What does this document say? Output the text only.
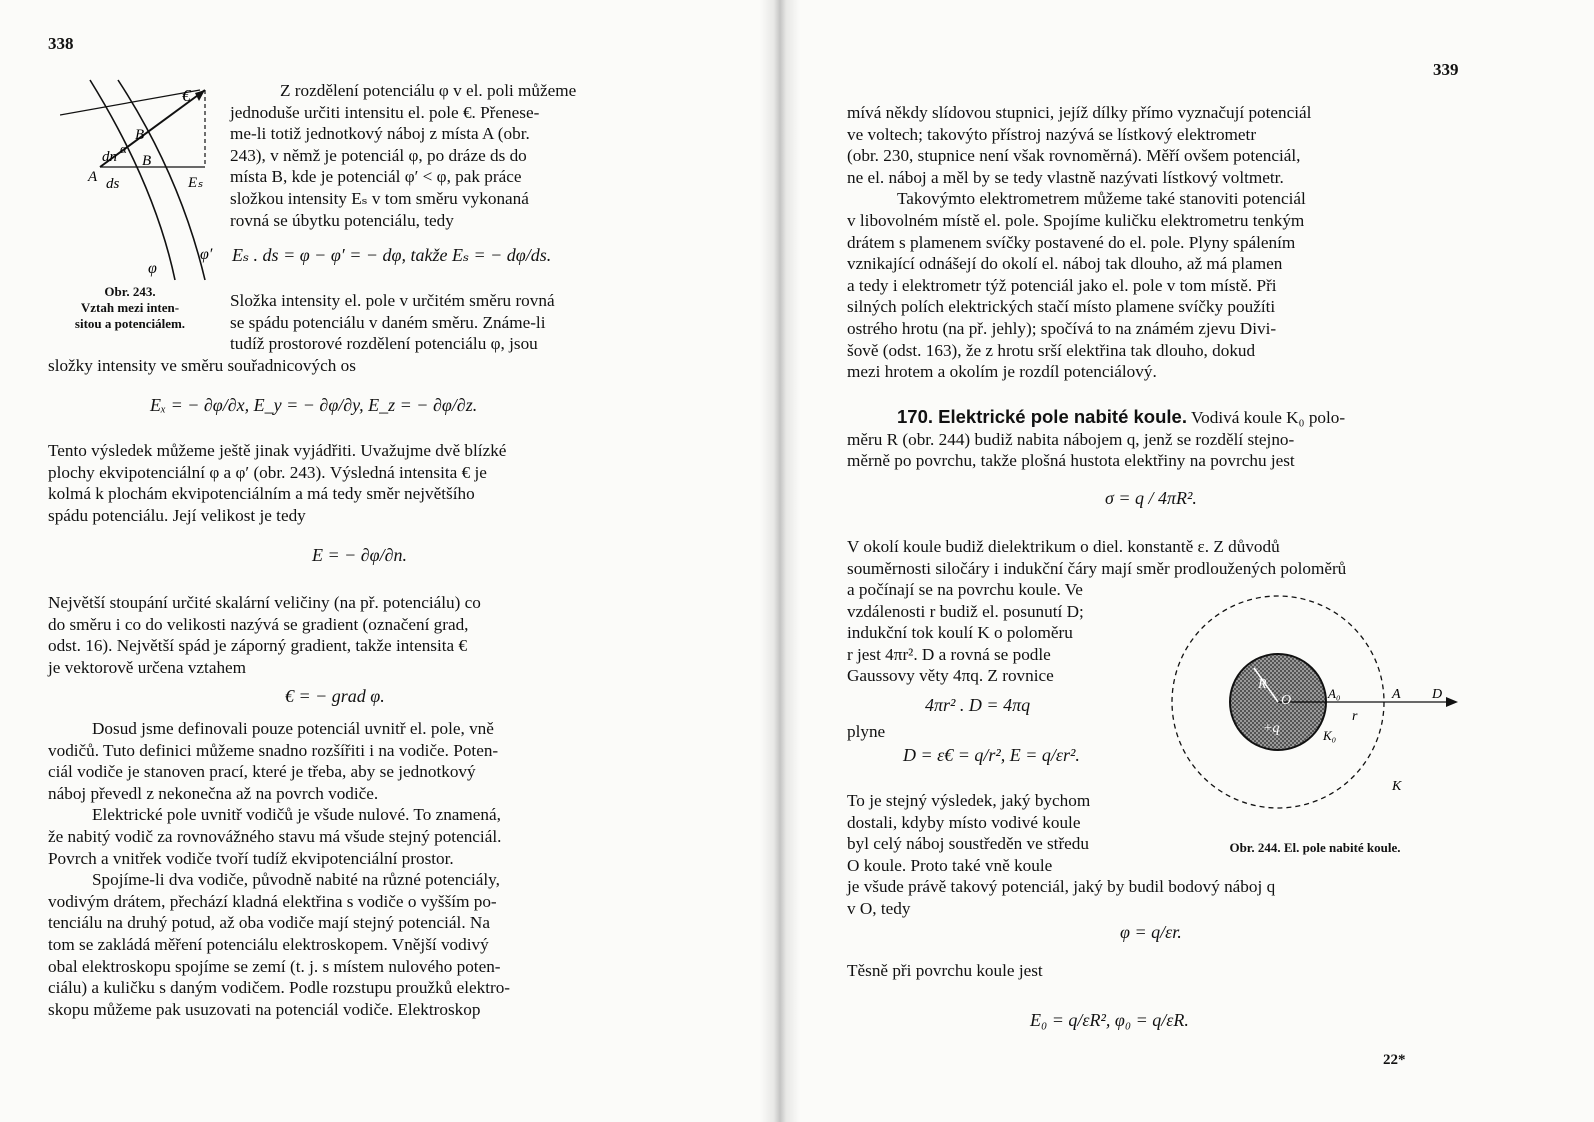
338
€
dn
α
B
B
A ds	Eₛ
φ
φ′
Obr. 243.
Vztah mezi inten-
sitou a potenciálem.
Z rozdělení potenciálu φ v el. poli můžeme
jednoduše určiti intensitu el. pole €. Přenese-
me-li totiž jednotkový náboj z místa A (obr.
243), v němž je potenciál φ, po dráze ds do
místa B, kde je potenciál φ′ < φ, pak práce
složkou intensity Eₛ v tom směru vykonaná
rovná se úbytku potenciálu, tedy
Eₛ . ds = φ − φ′ = − dφ, takže Eₛ = − dφ/ds.
Složka intensity el. pole v určitém směru rovná
se spádu potenciálu v daném směru. Známe-li
tudíž prostorové rozdělení potenciálu φ, jsou
složky intensity ve směru souřadnicových os
Eₓ = − ∂φ/∂x, E_y = − ∂φ/∂y, E_z = − ∂φ/∂z.
Tento výsledek můžeme ještě jinak vyjádřiti. Uvažujme dvě blízké
plochy ekvipotenciální φ a φ′ (obr. 243). Výsledná intensita € je
kolmá k plochám ekvipotenciálním a má tedy směr největšího
spádu potenciálu. Její velikost je tedy
E = − ∂φ/∂n.
Největší stoupání určité skalární veličiny (na př. potenciálu) co
do směru i co do velikosti nazývá se gradient (označení grad,
odst. 16). Největší spád je záporný gradient, takže intensita €
je vektorově určena vztahem
€ = − grad φ.
Dosud jsme definovali pouze potenciál uvnitř el. pole, vně
vodičů. Tuto definici můžeme snadno rozšířiti i na vodiče. Poten-
ciál vodiče je stanoven prací, které je třeba, aby se jednotkový
náboj převedl z nekonečna až na povrch vodiče.
Elektrické pole uvnitř vodičů je všude nulové. To znamená,
že nabitý vodič za rovnovážného stavu má všude stejný potenciál.
Povrch a vnitřek vodiče tvoří tudíž ekvipotenciální prostor.
Spojíme-li dva vodiče, původně nabité na různé potenciály,
vodivým drátem, přechází kladná elektřina s vodiče o vyšším po-
tenciálu na druhý potud, až oba vodiče mají stejný potenciál. Na
tom se zakládá měření potenciálu elektroskopem. Vnější vodivý
obal elektroskopu spojíme se zemí (t. j. s místem nulového poten-
ciálu) a kuličku s daným vodičem. Podle rozstupu proužků elektro-
skopu můžeme pak usuzovati na potenciál vodiče. Elektroskop
339
mívá někdy slídovou stupnici, jejíž dílky přímo vyznačují potenciál
ve voltech; takovýto přístroj nazývá se lístkový elektrometr
(obr. 230, stupnice není však rovnoměrná). Měří ovšem potenciál,
ne el. náboj a měl by se tedy vlastně nazývati lístkový voltmetr.
Takovýmto elektrometrem můžeme také stanoviti potenciál
v libovolném místě el. pole. Spojíme kuličku elektrometru tenkým
drátem s plamenem svíčky postavené do el. pole. Plyny spálením
vznikající odnášejí do okolí el. náboj tak dlouho, až má plamen
a tedy i elektrometr týž potenciál jako el. pole v tom místě. Při
silných polích elektrických stačí místo plamene svíčky použíti
ostrého hrotu (na př. jehly); spočívá to na známém zjevu Divi-
šově (odst. 163), že z hrotu srší elektřina tak dlouho, dokud
mezi hrotem a okolím je rozdíl potenciálový.
170. Elektrické pole nabité koule. Vodivá koule K₀ polo-
měru R (obr. 244) budiž nabita nábojem q, jenž se rozdělí stejno-
měrně po povrchu, takže plošná hustota elektřiny na povrchu jest
σ = q / 4πR².
V okolí koule budiž dielektrikum o diel. konstantě ε. Z důvodů
souměrnosti siločáry i indukční čáry mají směr prodloužených poloměrů
a počínají se na povrchu koule. Ve
vzdálenosti r budiž el. posunutí D;
indukční tok koulí K o poloměru
r jest 4πr². D a rovná se podle
Gaussovy věty 4πq. Z rovnice
4πr² . D = 4πq
plyne
D = ε€ = q/r², E = q/εr².
To je stejný výsledek, jaký bychom
dostali, kdyby místo vodivé koule
byl celý náboj soustředěn ve středu
O koule. Proto také vně koule
je všude právě takový potenciál, jaký by budil bodový náboj q
v O, tedy
φ = q/εr.
Těsně při povrchu koule jest
E₀ = q/εR², φ₀ = q/εR.
R
O
+q
A₀
r
A D
K₀
K
Obr. 244. El. pole nabité koule.
22*
